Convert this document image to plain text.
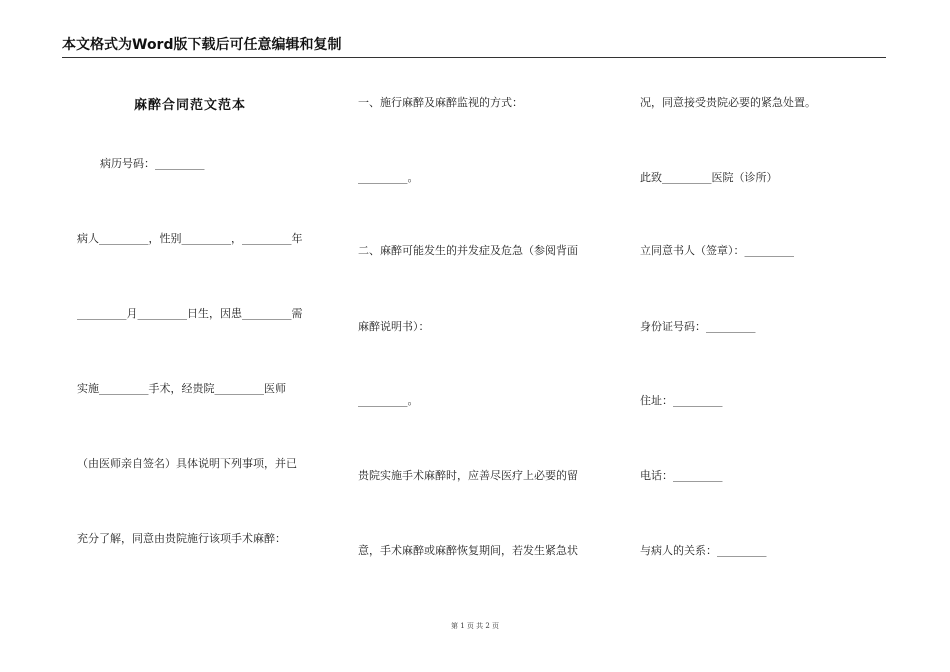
本文格式为Word版下载后可任意编辑和复制
麻醉合同范文范本
病历号码：_________
病人_________，性别_________，_________年
_________月_________日生，因患_________需
实施_________手术，经贵院_________医师
（由医师亲自签名）具体说明下列事项，并已
充分了解，同意由贵院施行该项手术麻醉：
一、施行麻醉及麻醉监视的方式：
_________。
二、麻醉可能发生的并发症及危急（参阅背面
麻醉说明书）：
_________。
贵院实施手术麻醉时，应善尽医疗上必要的留
意，手术麻醉或麻醉恢复期间，若发生紧急状
况，同意接受贵院必要的紧急处置。
此致_________医院（诊所）
立同意书人（签章）：_________
身份证号码：_________
住址：_________
电话：_________
与病人的关系：_________
第 1 页 共 2 页
